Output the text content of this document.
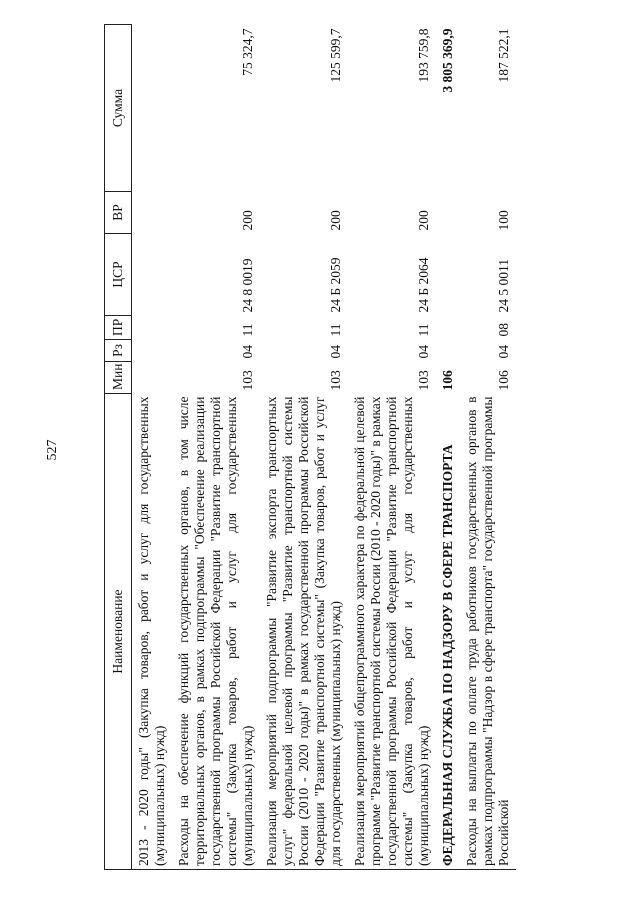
527
Наименование	Мин	Рз	ПР	ЦСР	ВР	Сумма
2013 - 2020 годы" (Закупка товаров, работ и услуг для государственных (муниципальных) нужд)						
Расходы на обеспечение функций государственных органов, в том числе территориальных органов, в рамках подпрограммы "Обеспечение реализации государственной программы Российской Федерации "Развитие транспортной системы" (Закупка товаров, работ и услуг для государственных (муниципальных) нужд)	103	04	11	24 8 0019	200	75 324,7
Реализация мероприятий подпрограммы "Развитие экспорта транспортных услуг" федеральной целевой программы "Развитие транспортной системы России (2010 - 2020 годы)" в рамках государственной программы Российской Федерации "Развитие транспортной системы" (Закупка товаров, работ и услуг для государственных (муниципальных) нужд)	103	04	11	24 Б 2059	200	125 599,7
Реализация мероприятий общепрограммного характера по федеральной целевой программе "Развитие транспортной системы России (2010 - 2020 годы)" в рамках государственной программы Российской Федерации "Развитие транспортной системы" (Закупка товаров, работ и услуг для государственных (муниципальных) нужд)	103	04	11	24 Б 2064	200	193 759,8
ФЕДЕРАЛЬНАЯ СЛУЖБА ПО НАДЗОРУ В СФЕРЕ ТРАНСПОРТА	106					3 805 369,9
Расходы на выплаты по оплате труда работников государственных органов в рамках подпрограммы "Надзор в сфере транспорта" государственной программы Российской	106	04	08	24 5 0011	100	187 522,1
